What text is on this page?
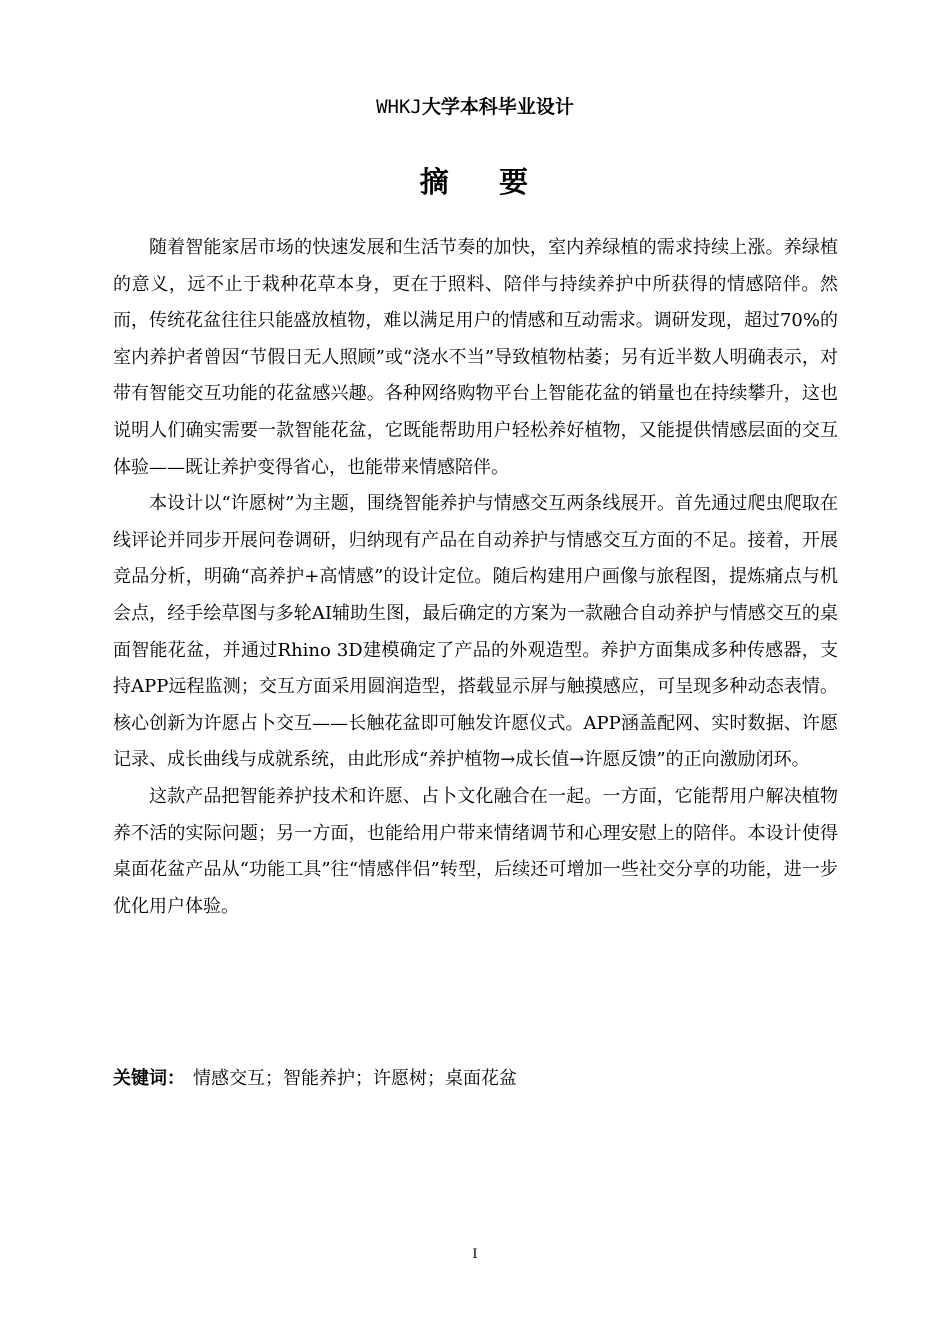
WHKJ大学本科毕业设计
摘    要

随着智能家居市场的快速发展和生活节奏的加快，室内养绿植的需求持续上涨。养绿植的意义，远不止于栽种花草本身，更在于照料、陪伴与持续养护中所获得的情感陪伴。然而，传统花盆往往只能盛放植物，难以满足用户的情感和互动需求。调研发现，超过70%的室内养护者曾因“节假日无人照顾”或“浇水不当”导致植物枯萎；另有近半数人明确表示，对带有智能交互功能的花盆感兴趣。各种网络购物平台上智能花盆的销量也在持续攀升，这也说明人们确实需要一款智能花盆，它既能帮助用户轻松养好植物，又能提供情感层面的交互体验——既让养护变得省心，也能带来情感陪伴。

本设计以“许愿树”为主题，围绕智能养护与情感交互两条线展开。首先通过爬虫爬取在线评论并同步开展问卷调研，归纳现有产品在自动养护与情感交互方面的不足。接着，开展竞品分析，明确“高养护+高情感”的设计定位。随后构建用户画像与旅程图，提炼痛点与机会点，经手绘草图与多轮AI辅助生图，最后确定的方案为一款融合自动养护与情感交互的桌面智能花盆，并通过Rhino 3D建模确定了产品的外观造型。养护方面集成多种传感器，支持APP远程监测；交互方面采用圆润造型，搭载显示屏与触摸感应，可呈现多种动态表情。核心创新为许愿占卜交互——长触花盆即可触发许愿仪式。APP涵盖配网、实时数据、许愿记录、成长曲线与成就系统，由此形成“养护植物→成长值→许愿反馈”的正向激励闭环。

这款产品把智能养护技术和许愿、占卜文化融合在一起。一方面，它能帮用户解决植物养不活的实际问题；另一方面，也能给用户带来情绪调节和心理安慰上的陪伴。本设计使得桌面花盆产品从“功能工具”往“情感伴侣”转型，后续还可增加一些社交分享的功能，进一步优化用户体验。

关键词： 情感交互；智能养护；许愿树；桌面花盆
I
